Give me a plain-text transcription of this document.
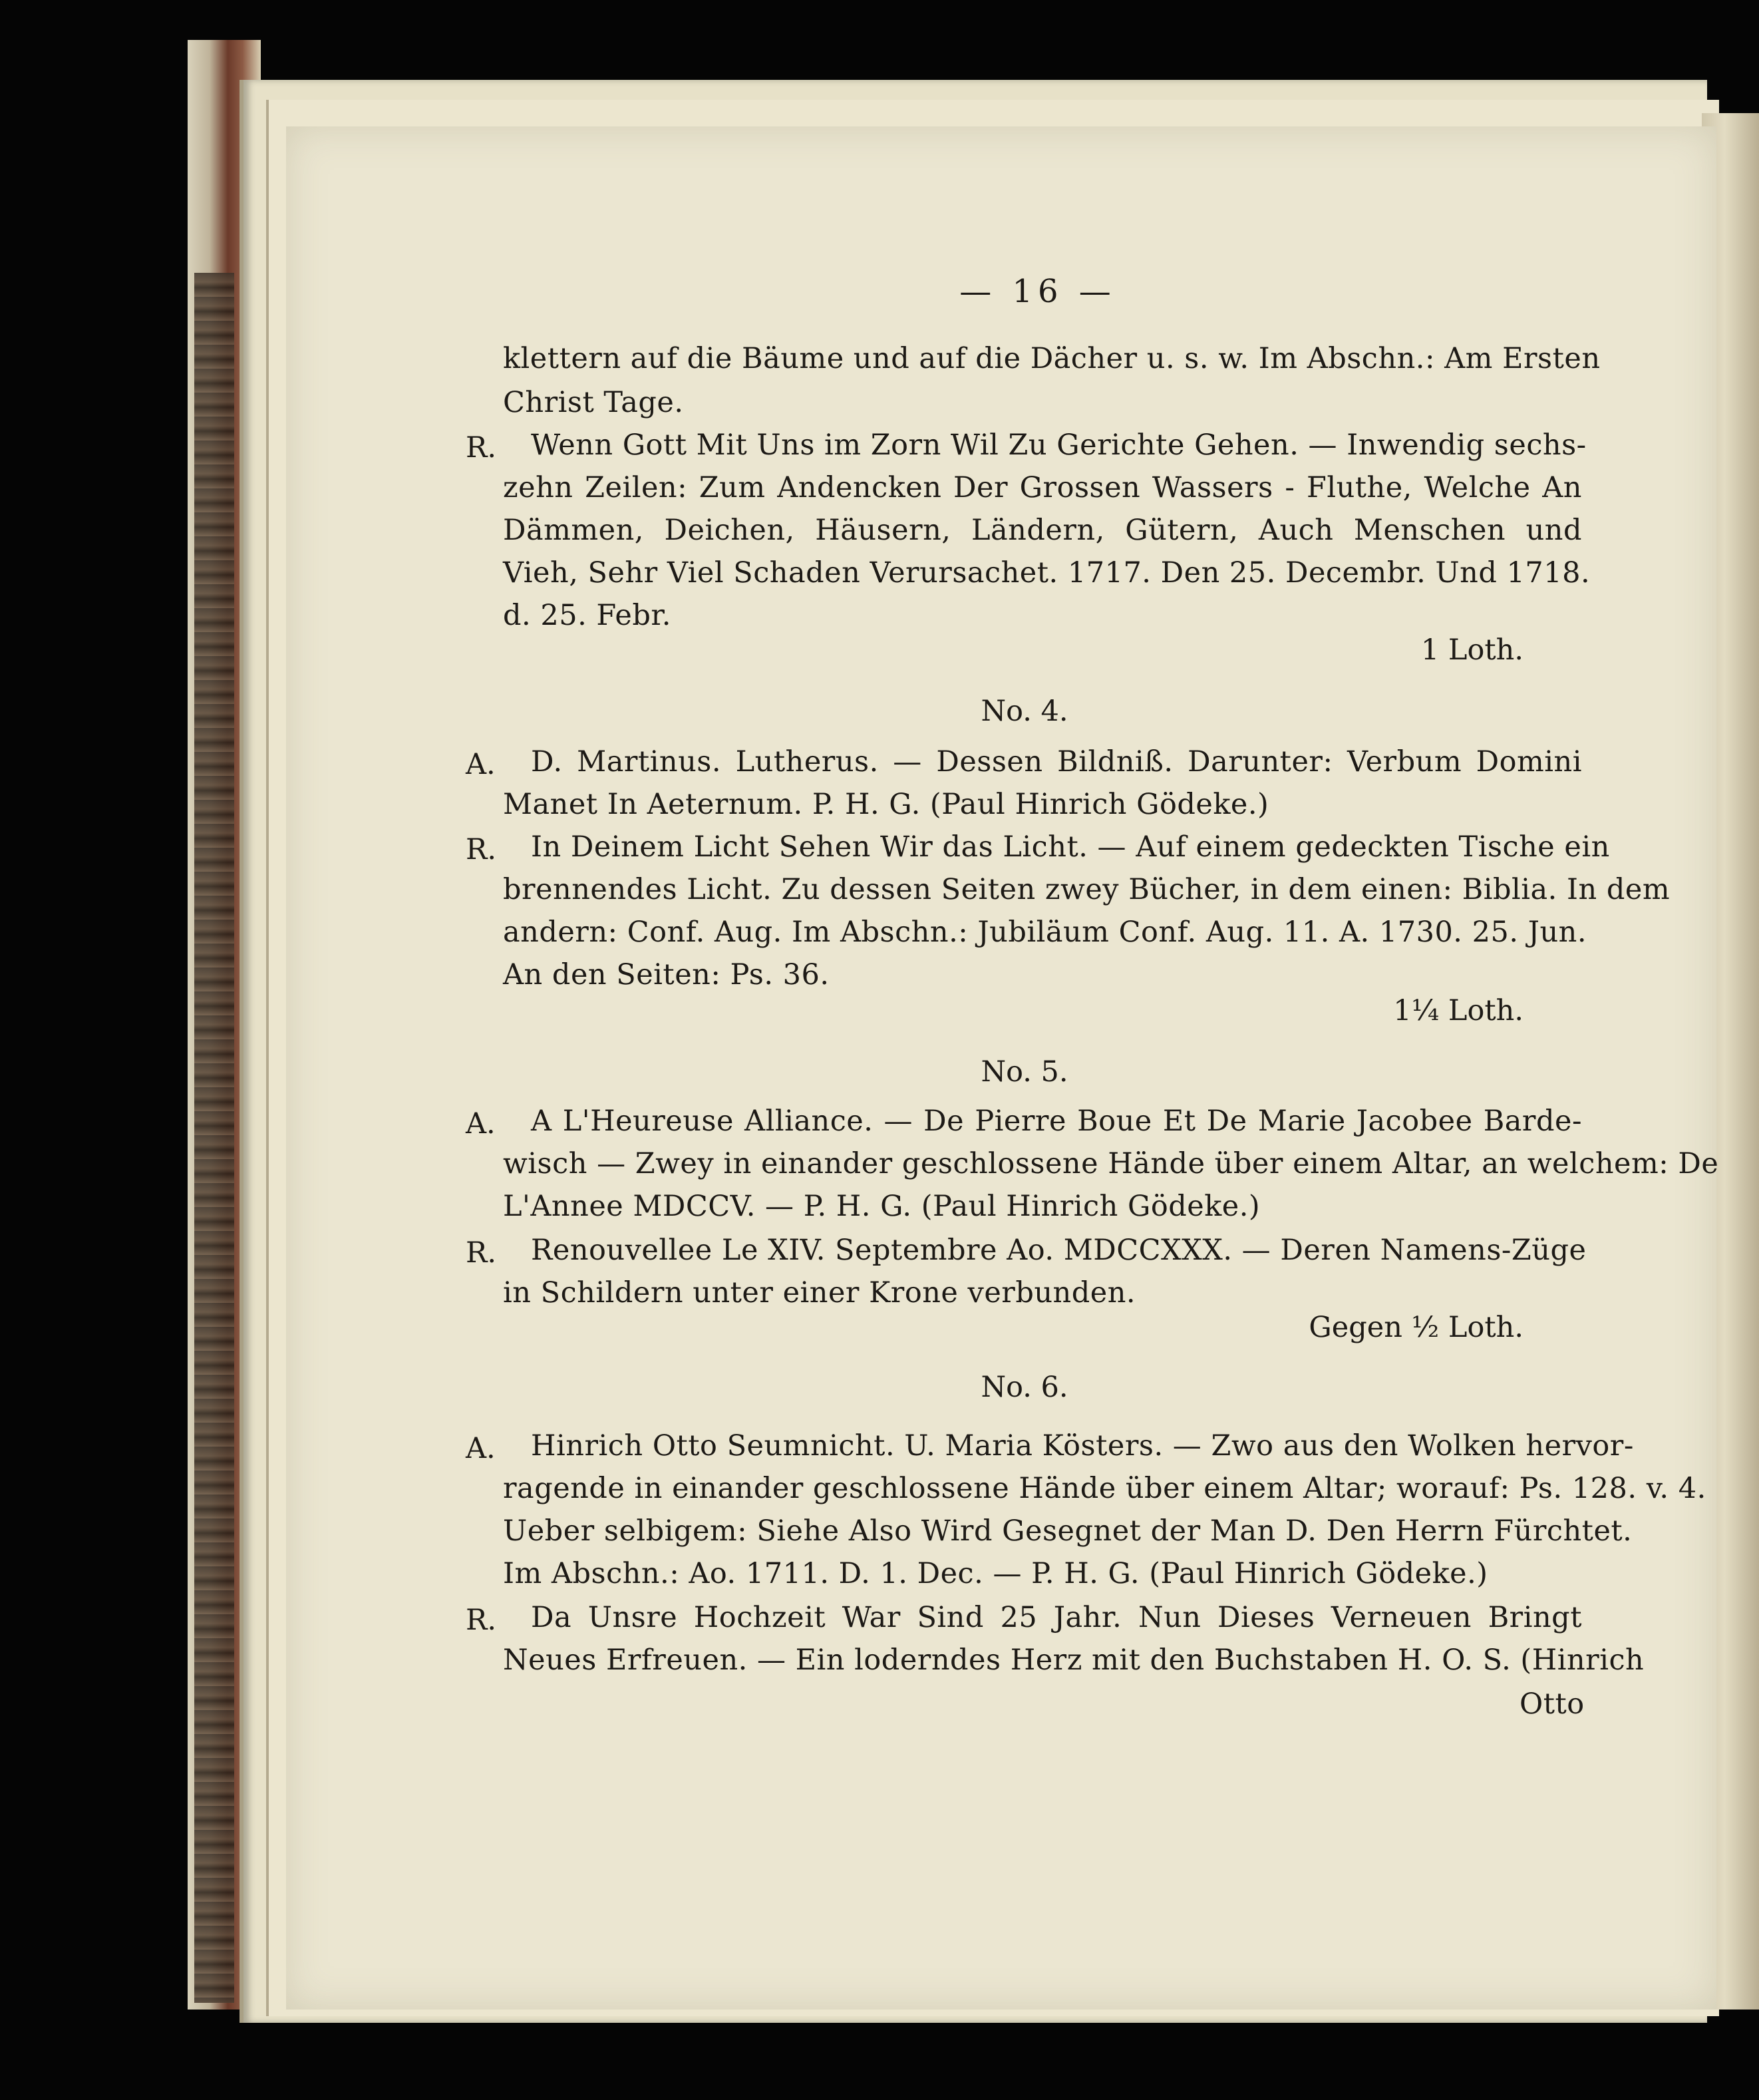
— 16 —
klettern auf die Bäume und auf die Dächer u. s. w. Im Abschn.: Am Ersten
Christ Tage.
R. Wenn Gott Mit Uns im Zorn Wil Zu Gerichte Gehen. — Inwendig sechs-
zehn Zeilen: Zum Andencken Der Grossen Wassers - Fluthe, Welche An
Dämmen, Deichen, Häusern, Ländern, Gütern, Auch Menschen und
Vieh, Sehr Viel Schaden Verursachet. 1717. Den 25. Decembr. Und 1718.
d. 25. Febr.
1 Loth.
No. 4.
A. D. Martinus. Lutherus. — Dessen Bildniß. Darunter: Verbum Domini
Manet In Aeternum. P. H. G. (Paul Hinrich Gödeke.)
R. In Deinem Licht Sehen Wir das Licht. — Auf einem gedeckten Tische ein
brennendes Licht. Zu dessen Seiten zwey Bücher, in dem einen: Biblia. In dem
andern: Conf. Aug. Im Abschn.: Jubiläum Conf. Aug. 11. A. 1730. 25. Jun.
An den Seiten: Ps. 36.
1¼ Loth.
No. 5.
A. A L'Heureuse Alliance. — De Pierre Boue Et De Marie Jacobee Barde-
wisch — Zwey in einander geschlossene Hände über einem Altar, an welchem: De
L'Annee MDCCV. — P. H. G. (Paul Hinrich Gödeke.)
R. Renouvellee Le XIV. Septembre Ao. MDCCXXX. — Deren Namens-Züge
in Schildern unter einer Krone verbunden.
Gegen ½ Loth.
No. 6.
A. Hinrich Otto Seumnicht. U. Maria Kösters. — Zwo aus den Wolken hervor-
ragende in einander geschlossene Hände über einem Altar; worauf: Ps. 128. v. 4.
Ueber selbigem: Siehe Also Wird Gesegnet der Man D. Den Herrn Fürchtet.
Im Abschn.: Ao. 1711. D. 1. Dec. — P. H. G. (Paul Hinrich Gödeke.)
R. Da Unsre Hochzeit War Sind 25 Jahr. Nun Dieses Verneuen Bringt
Neues Erfreuen. — Ein loderndes Herz mit den Buchstaben H. O. S. (Hinrich
Otto
